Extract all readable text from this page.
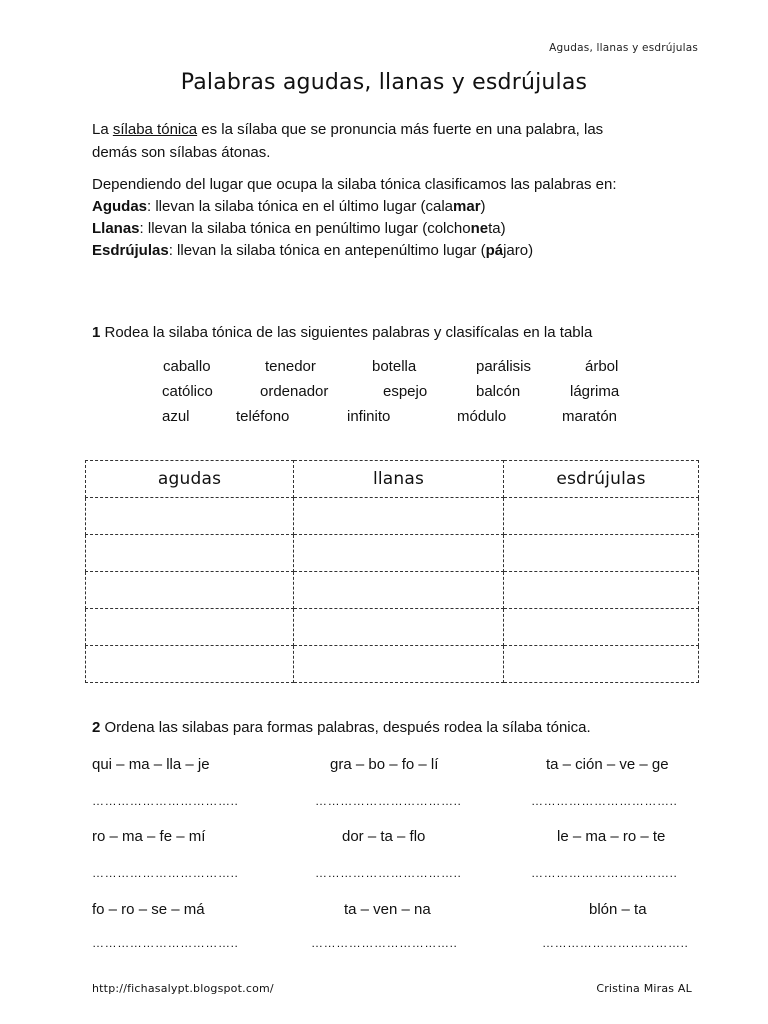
Agudas, llanas y esdrújulas
Palabras agudas, llanas y esdrújulas
La sílaba tónica es la sílaba que se pronuncia más fuerte en una palabra, las
demás son sílabas átonas.
Dependiendo del lugar que ocupa la silaba tónica clasificamos las palabras en:
Agudas: llevan la silaba tónica en el último lugar (calamar)
Llanas: llevan la silaba tónica en penúltimo lugar (colchoneta)
Esdrújulas: llevan la silaba tónica en antepenúltimo lugar (pájaro)
1 Rodea la silaba tónica de las siguientes palabras y clasifícalas en la tabla
caballo	tenedor	botella	parálisis	árbol
católico	ordenador	espejo	balcón	lágrima
azul	teléfono	infinito	módulo	maratón
agudas	llanas	esdrújulas

2 Ordena las silabas para formas palabras, después rodea la sílaba tónica.
qui – ma – lla – je	gra – bo – fo – lí	ta – ción – ve – ge
……………………………..	……………………………..	……………………………..
ro – ma – fe – mí	dor – ta – flo	le – ma – ro – te
……………………………..	……………………………..	……………………………..
fo – ro – se – má	ta – ven – na	blón – ta
……………………………..	……………………………..	……………………………..
http://fichasalypt.blogspot.com/	Cristina Miras AL
